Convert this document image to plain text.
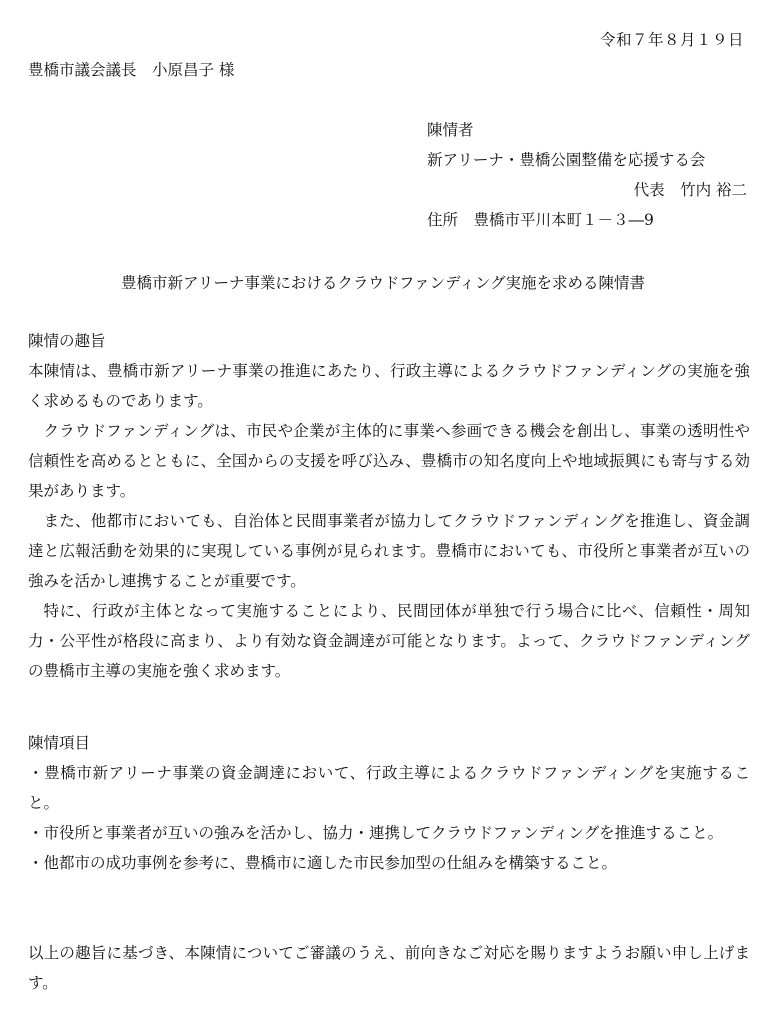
令和７年８月１９日
豊橋市議会議長　小原昌子 様
陳情者
新アリーナ・豊橋公園整備を応援する会
代表　竹内 裕二
住所　豊橋市平川本町１－３―9
豊橋市新アリーナ事業におけるクラウドファンディング実施を求める陳情書
陳情の趣旨

本陳情は、豊橋市新アリーナ事業の推進にあたり、行政主導によるクラウドファンディングの実施を強く求めるものであります。

クラウドファンディングは、市民や企業が主体的に事業へ参画できる機会を創出し、事業の透明性や信頼性を高めるとともに、全国からの支援を呼び込み、豊橋市の知名度向上や地域振興にも寄与する効果があります。

また、他都市においても、自治体と民間事業者が協力してクラウドファンディングを推進し、資金調達と広報活動を効果的に実現している事例が見られます。豊橋市においても、市役所と事業者が互いの強みを活かし連携することが重要です。

特に、行政が主体となって実施することにより、民間団体が単独で行う場合に比べ、信頼性・周知力・公平性が格段に高まり、より有効な資金調達が可能となります。よって、クラウドファンディングの豊橋市主導の実施を強く求めます。

陳情項目

・豊橋市新アリーナ事業の資金調達において、行政主導によるクラウドファンディングを実施すること。

・市役所と事業者が互いの強みを活かし、協力・連携してクラウドファンディングを推進すること。

・他都市の成功事例を参考に、豊橋市に適した市民参加型の仕組みを構築すること。

以上の趣旨に基づき、本陳情についてご審議のうえ、前向きなご対応を賜りますようお願い申し上げます。
